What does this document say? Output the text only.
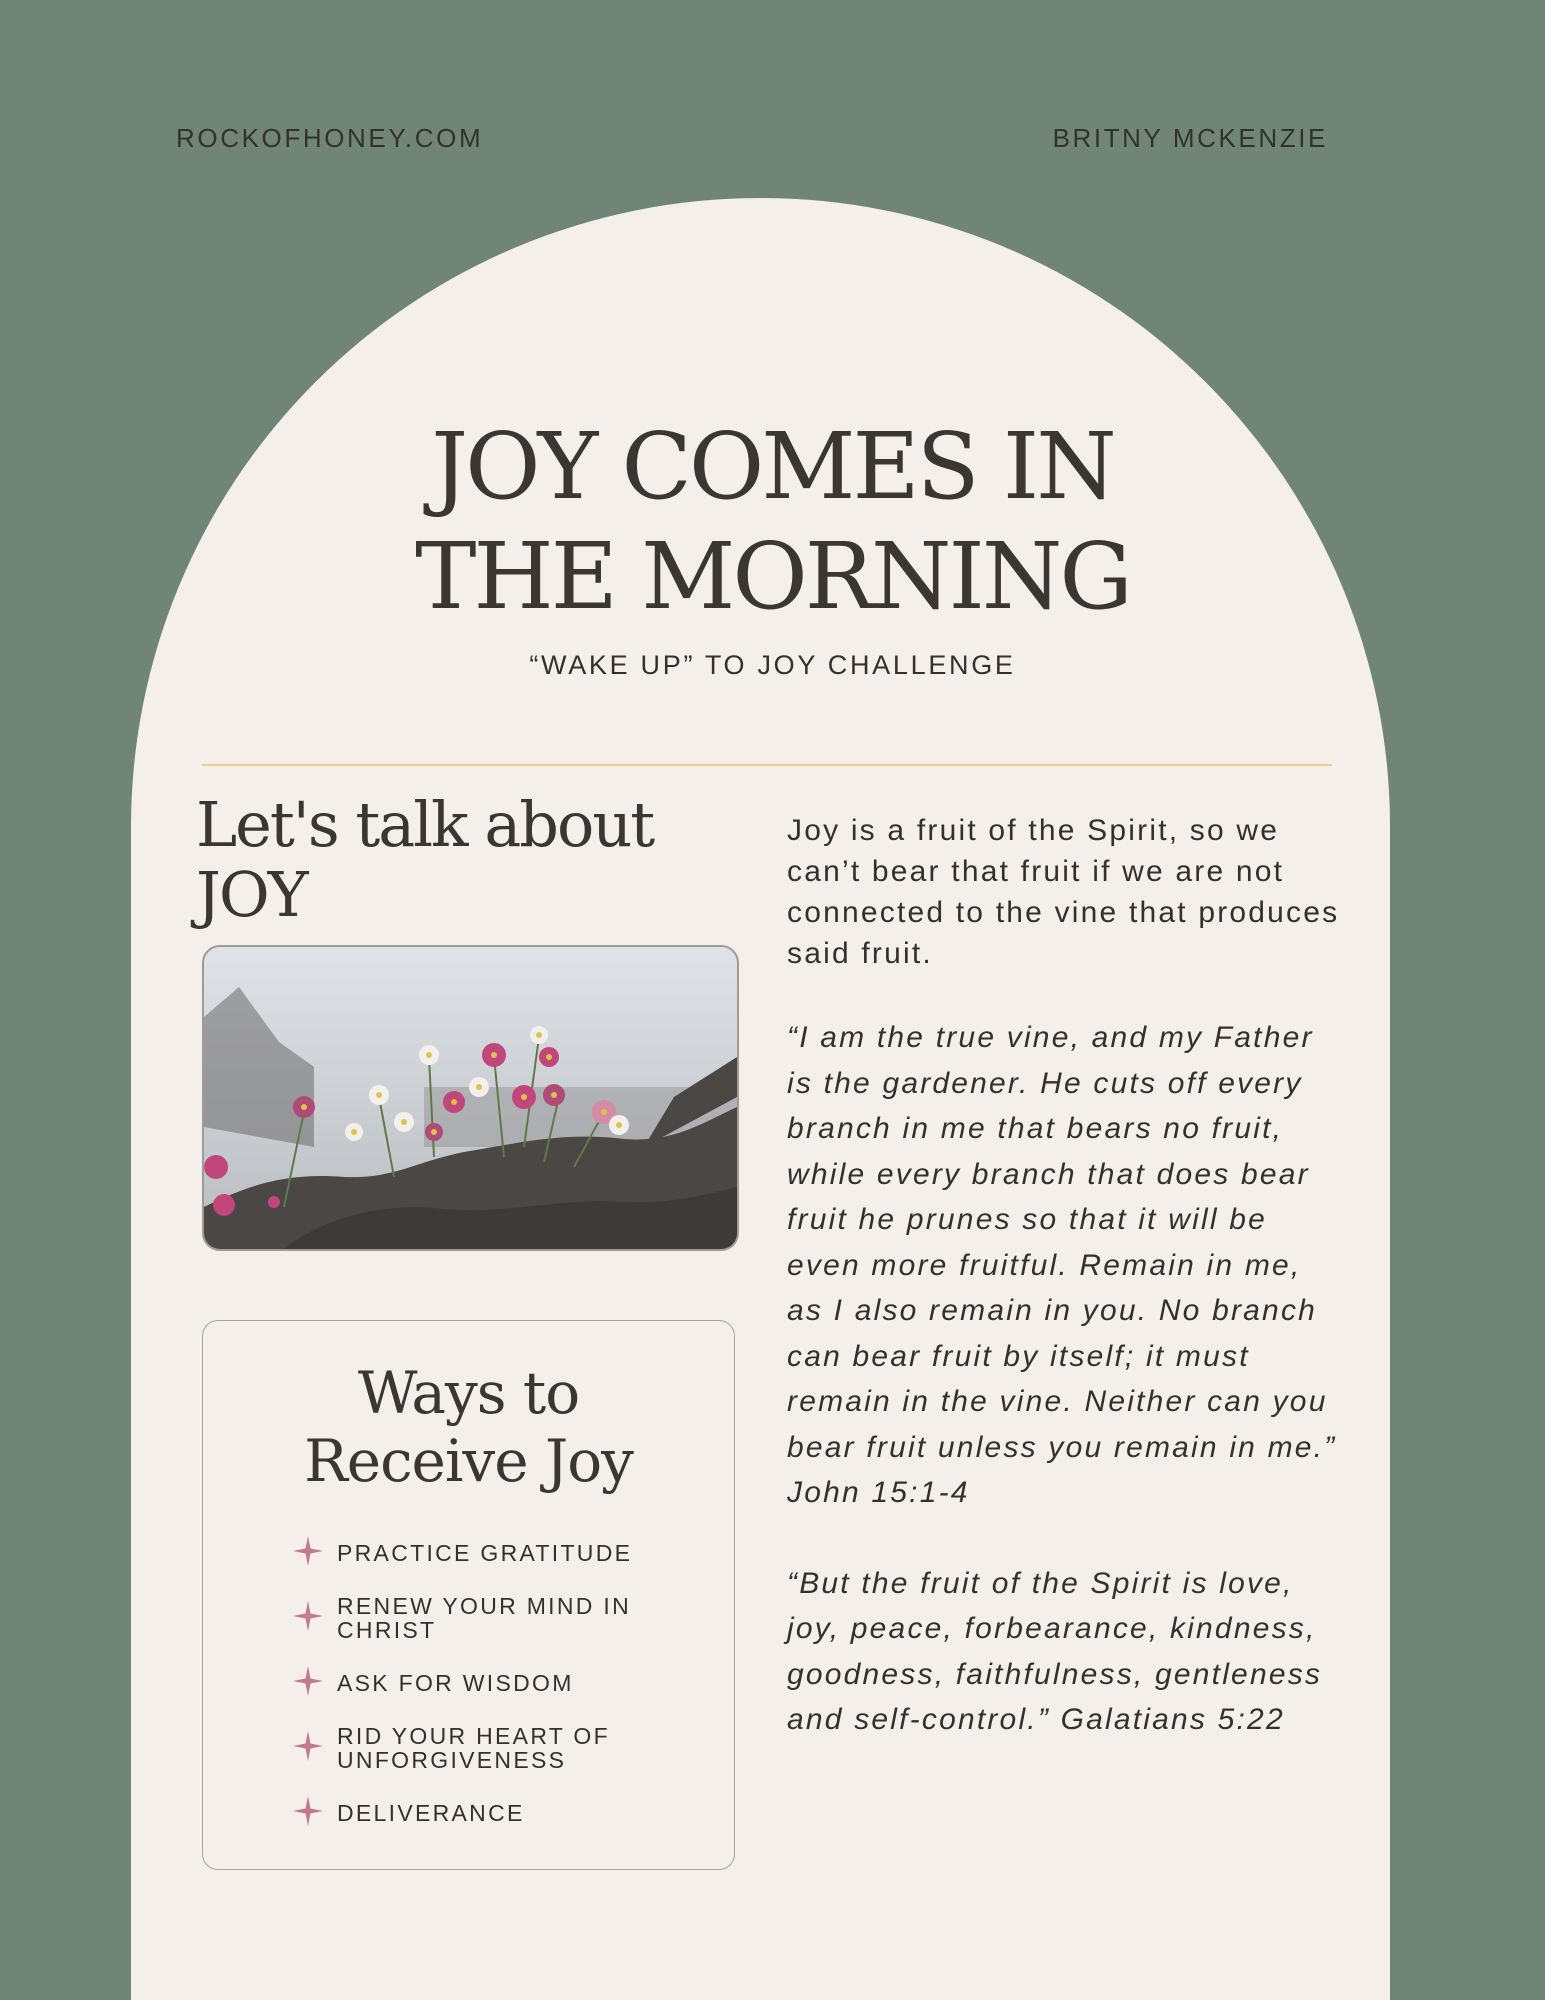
ROCKOFHONEY.COM	BRITNY MCKENZIE
JOY COMES IN
THE MORNING
“WAKE UP” TO JOY CHALLENGE
Let's talk about JOY
Ways to
Receive Joy
PRACTICE GRATITUDE
RENEW YOUR MIND IN CHRIST
ASK FOR WISDOM
RID YOUR HEART OF UNFORGIVENESS
DELIVERANCE

Joy is a fruit of the Spirit, so we can’t bear that fruit if we are not connected to the vine that produces said fruit.

“I am the true vine, and my Father is the gardener. He cuts off every branch in me that bears no fruit, while every branch that does bear fruit he prunes so that it will be even more fruitful. Remain in me, as I also remain in you. No branch can bear fruit by itself; it must remain in the vine. Neither can you bear fruit unless you remain in me.” John 15:1-4

“But the fruit of the Spirit is love, joy, peace, forbearance, kindness, goodness, faithfulness, gentleness and self-control.” Galatians 5:22
